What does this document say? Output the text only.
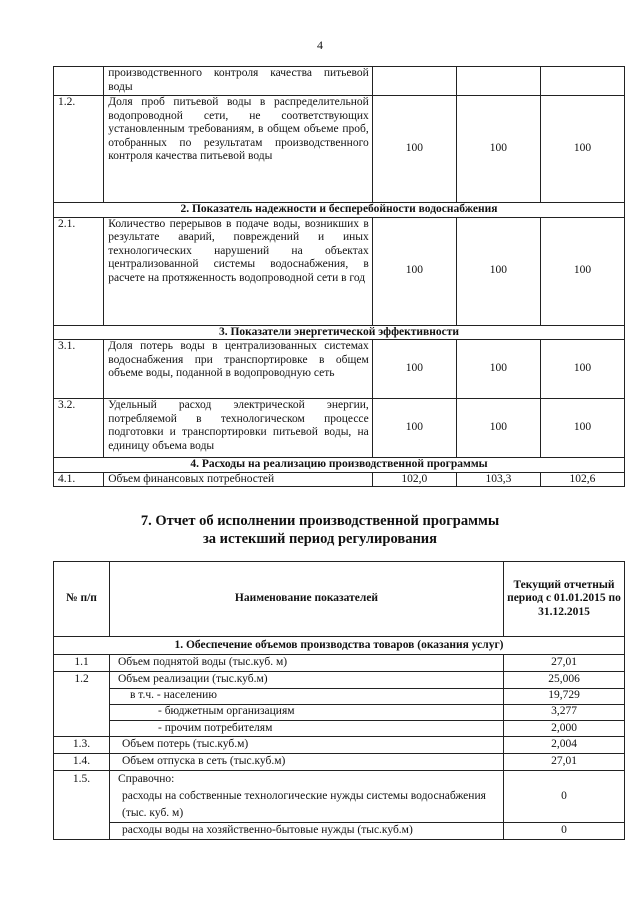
4
	производственного контроля качества питьевой воды			
1.2.	Доля проб питьевой воды в распределительной водопроводной сети, не соответствующих установленным требованиям, в общем объеме проб, отобранных по результатам производственного контроля качества питьевой воды	100	100	100
2. Показатель надежности и бесперебойности водоснабжения				
2.1.	Количество перерывов в подаче воды, возникших в результате аварий, повреждений и иных технологических нарушений на объектах централизованной системы водоснабжения, в расчете на протяженность водопроводной сети в год	100	100	100
3. Показатели энергетической эффективности				
3.1.	Доля потерь воды в централизованных системах водоснабжения при транспортировке в общем объеме воды, поданной в водопроводную сеть	100	100	100
3.2.	Удельный расход электрической энергии, потребляемой в технологическом процессе подготовки и транспортировки питьевой воды, на единицу объема воды	100	100	100
4. Расходы на реализацию производственной программы				
4.1.	Объем финансовых потребностей	102,0	103,3	102,6
7. Отчет об исполнении производственной программы
за истекший период регулирования
№ п/п	Наименование показателей	Текущий отчетный период с 01.01.2015 по 31.12.2015
1. Обеспечение объемов производства товаров (оказания услуг)		
1.1	Объем поднятой воды (тыс.куб. м)	27,01
1.2	Объем реализации (тыс.куб.м)	25,006
	в т.ч. - населению	19,729
	- бюджетным организациям	3,277
	- прочим потребителям	2,000
1.3.	Объем потерь (тыс.куб.м)	2,004
1.4.	Объем отпуска в сеть (тыс.куб.м)	27,01
1.5.	Справочно:
расходы на собственные технологические нужды системы водоснабжения (тыс. куб. м)	0
	расходы воды на хозяйственно-бытовые нужды (тыс.куб.м)	0
